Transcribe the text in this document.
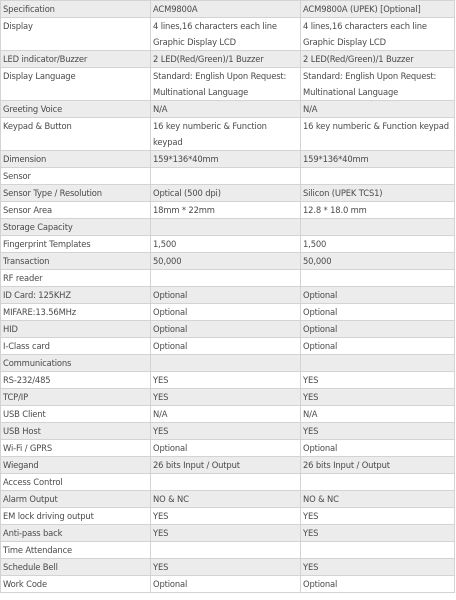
Specification	ACM9800A	ACM9800A (UPEK) [Optional]
Display	4 lines,16 characters each line Graphic Display LCD	4 lines,16 characters each line Graphic Display LCD
LED indicator/Buzzer	2 LED(Red/Green)/1 Buzzer	2 LED(Red/Green)/1 Buzzer
Display Language	Standard: English Upon Request: Multinational Language	Standard: English Upon Request: Multinational Language
Greeting Voice	N/A	N/A
Keypad & Button	16 key numberic & Function keypad	16 key numberic & Function keypad
Dimension	159*136*40mm	159*136*40mm
Sensor		
Sensor Type / Resolution	Optical (500 dpi)	Silicon (UPEK TCS1)
Sensor Area	18mm * 22mm	12.8 * 18.0 mm
Storage Capacity		
Fingerprint Templates	1,500	1,500
Transaction	50,000	50,000
RF reader		
ID Card: 125KHZ	Optional	Optional
MIFARE:13.56MHz	Optional	Optional
HID	Optional	Optional
I-Class card	Optional	Optional
Communications		
RS-232/485	YES	YES
TCP/IP	YES	YES
USB Client	N/A	N/A
USB Host	YES	YES
Wi-Fi / GPRS	Optional	Optional
Wiegand	26 bits Input / Output	26 bits Input / Output
Access Control		
Alarm Output	NO & NC	NO & NC
EM lock driving output	YES	YES
Anti-pass back	YES	YES
Time Attendance		
Schedule Bell	YES	YES
Work Code	Optional	Optional
